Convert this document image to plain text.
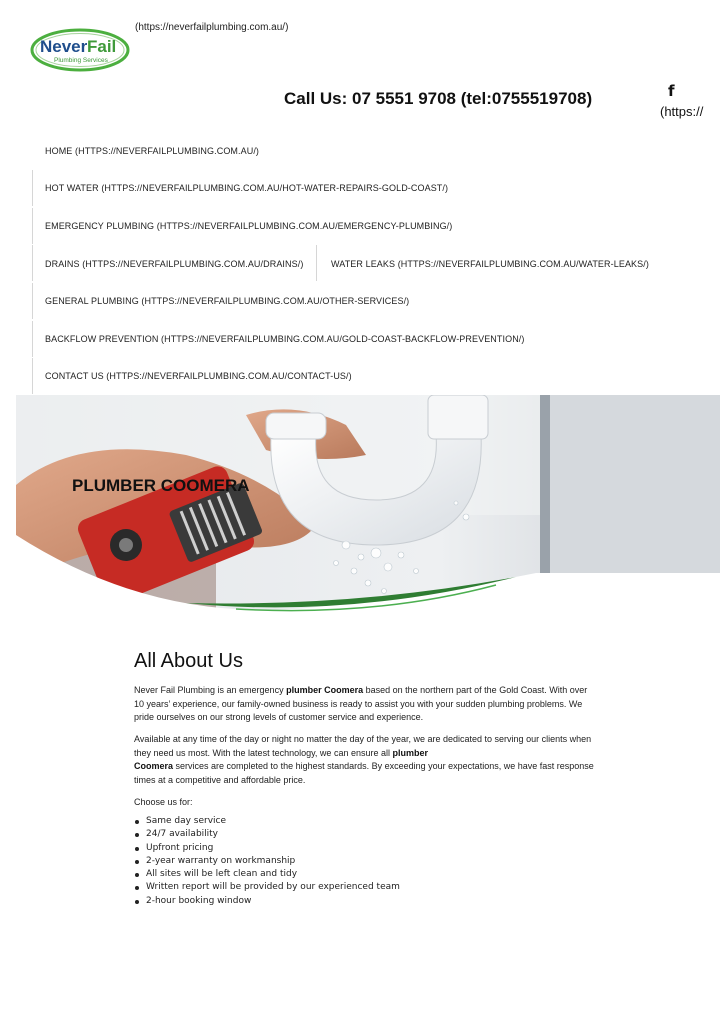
(https://neverfailplumbing.com.au/)
Never Fail
Plumbing Services
Call Us: 07 5551 9708 (tel:0755519708)	f
(https://
HOME (HTTPS://NEVERFAILPLUMBING.COM.AU/)
HOT WATER (HTTPS://NEVERFAILPLUMBING.COM.AU/HOT-WATER-REPAIRS-GOLD-COAST/)
EMERGENCY PLUMBING (HTTPS://NEVERFAILPLUMBING.COM.AU/EMERGENCY-PLUMBING/)
DRAINS (HTTPS://NEVERFAILPLUMBING.COM.AU/DRAINS/)	WATER LEAKS (HTTPS://NEVERFAILPLUMBING.COM.AU/WATER-LEAKS/)
GENERAL PLUMBING (HTTPS://NEVERFAILPLUMBING.COM.AU/OTHER-SERVICES/)
BACKFLOW PREVENTION (HTTPS://NEVERFAILPLUMBING.COM.AU/GOLD-COAST-BACKFLOW-PREVENTION/)
CONTACT US (HTTPS://NEVERFAILPLUMBING.COM.AU/CONTACT-US/)
PLUMBER COOMERA
All About Us
Never Fail Plumbing is an emergency plumber Coomera based on the northern part of the Gold Coast. With over 10 years’ experience, our family-owned business is ready to assist you with your sudden plumbing problems. We pride ourselves on our strong levels of customer service and experience.
Available at any time of the day or night no matter the day of the year, we are dedicated to serving our clients when they need us most. With the latest technology, we can ensure all plumber
Coomera services are completed to the highest standards. By exceeding your expectations, we have fast response times at a competitive and affordable price.
Choose us for:
Same day service
24/7 availability
Upfront pricing
2-year warranty on workmanship
All sites will be left clean and tidy
Written report will be provided by our experienced team
2-hour booking window
